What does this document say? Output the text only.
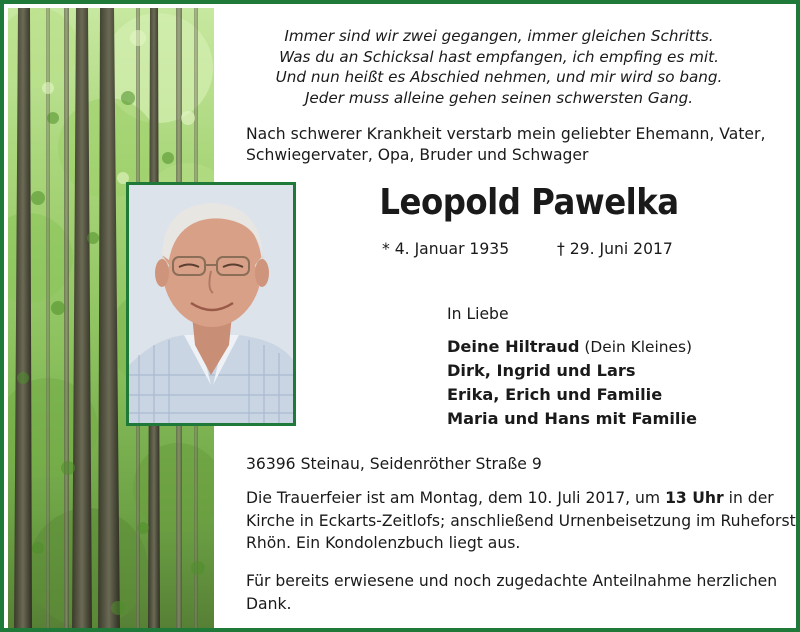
Immer sind wir zwei gegangen, immer gleichen Schritts.
Was du an Schicksal hast empfangen, ich empfing es mit.
Und nun heißt es Abschied nehmen, und mir wird so bang.
Jeder muss alleine gehen seinen schwersten Gang.
Nach schwerer Krankheit verstarb mein geliebter Ehemann, Vater,
Schwiegervater, Opa, Bruder und Schwager
Leopold Pawelka
* 4. Januar 1935	† 29. Juni 2017
In Liebe
Deine Hiltraud (Dein Kleines)
Dirk, Ingrid und Lars
Erika, Erich und Familie
Maria und Hans mit Familie
36396 Steinau, Seidenröther Straße 9
Die Trauerfeier ist am Montag, dem 10. Juli 2017, um 13 Uhr in der
Kirche in Eckarts-Zeitlofs; anschließend Urnenbeisetzung im Ruheforst
Rhön. Ein Kondolenzbuch liegt aus.
Für bereits erwiesene und noch zugedachte Anteilnahme herzlichen
Dank.
